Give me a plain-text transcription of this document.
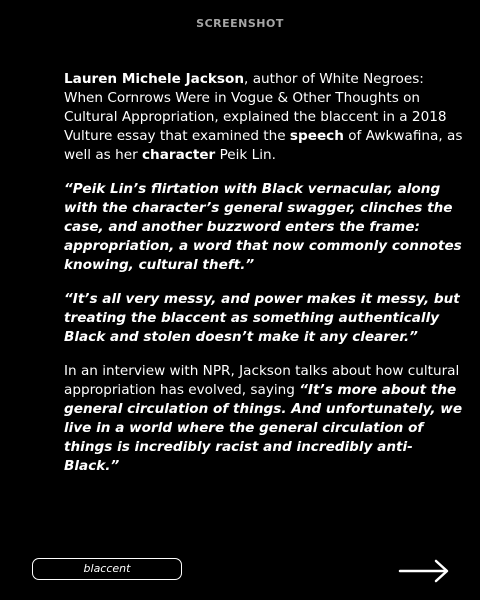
SCREENSHOT

Lauren Michele Jackson, author of White Negroes: When Cornrows Were in Vogue & Other Thoughts on Cultural Appropriation, explained the blaccent in a 2018 Vulture essay that examined the speech of Awkwafina, as well as her character Peik Lin.

“Peik Lin’s flirtation with Black vernacular, along with the character’s general swagger, clinches the case, and another buzzword enters the frame: appropriation, a word that now commonly connotes knowing, cultural theft.”

“It’s all very messy, and power makes it messy, but treating the blaccent as something authentically Black and stolen doesn’t make it any clearer.”

In an interview with NPR, Jackson talks about how cultural appropriation has evolved, saying “It’s more about the general circulation of things. And unfortunately, we live in a world where the general circulation of things is incredibly racist and incredibly anti-Black.”

blaccent
